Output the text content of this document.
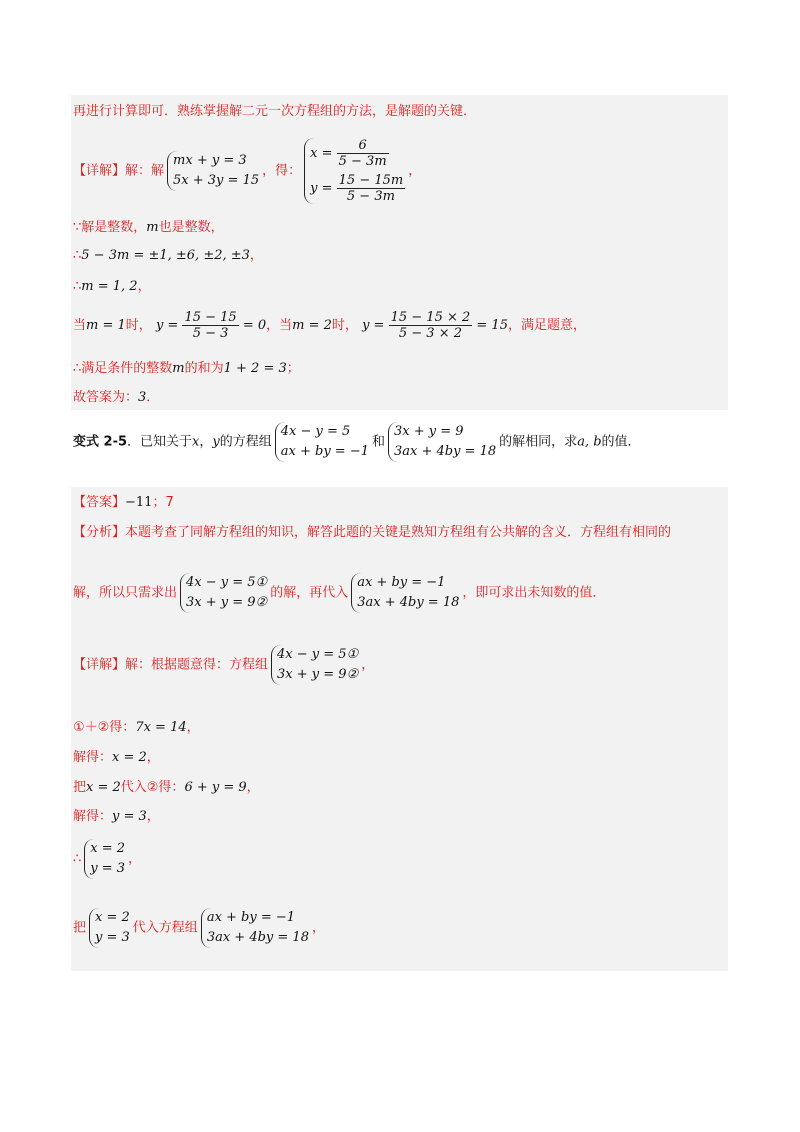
再进行计算即可．熟练掌握解二元一次方程组的方法，是解题的关键．
【详解】解：解
mx + y = 3
5x + 3y = 15
，得：
$x = \frac{6}{5 - 3m}$
$y = \frac{15 - 15m}{5 - 3m}$
，
∵解是整数，m也是整数，
∴5 − 3m = ±1, ±6, ±2, ±3，
∴m = 1, 2，
当m = 1时， $y = \frac{15 - 15}{5 - 3} = 0$，当m = 2时， $y = \frac{15 - 15 \times 2}{5 - 3 \times 2} = 15$，满足题意，
∴满足条件的整数m的和为1 + 2 = 3；
故答案为：3．
变式 2-5．已知关于x，y的方程组
4x − y = 5
ax + by = −1
和
3x + y = 9
3ax + 4by = 18
的解相同，求a, b的值．
【答案】−11；7
【分析】本题考查了同解方程组的知识，解答此题的关键是熟知方程组有公共解的含义．方程组有相同的
解，所以只需求出
4x − y = 5①
3x + y = 9②
的解，再代入
ax + by = −1
3ax + 4by = 18
，即可求出未知数的值．
【详解】解：根据题意得：方程组
4x − y = 5①
3x + y = 9②
，
①＋②得：7x = 14，
解得：x = 2，
把x = 2代入②得：6 + y = 9，
解得：y = 3，
∴
x = 2
y = 3
，
把
x = 2
y = 3
代入方程组
ax + by = −1
3ax + 4by = 18
，
